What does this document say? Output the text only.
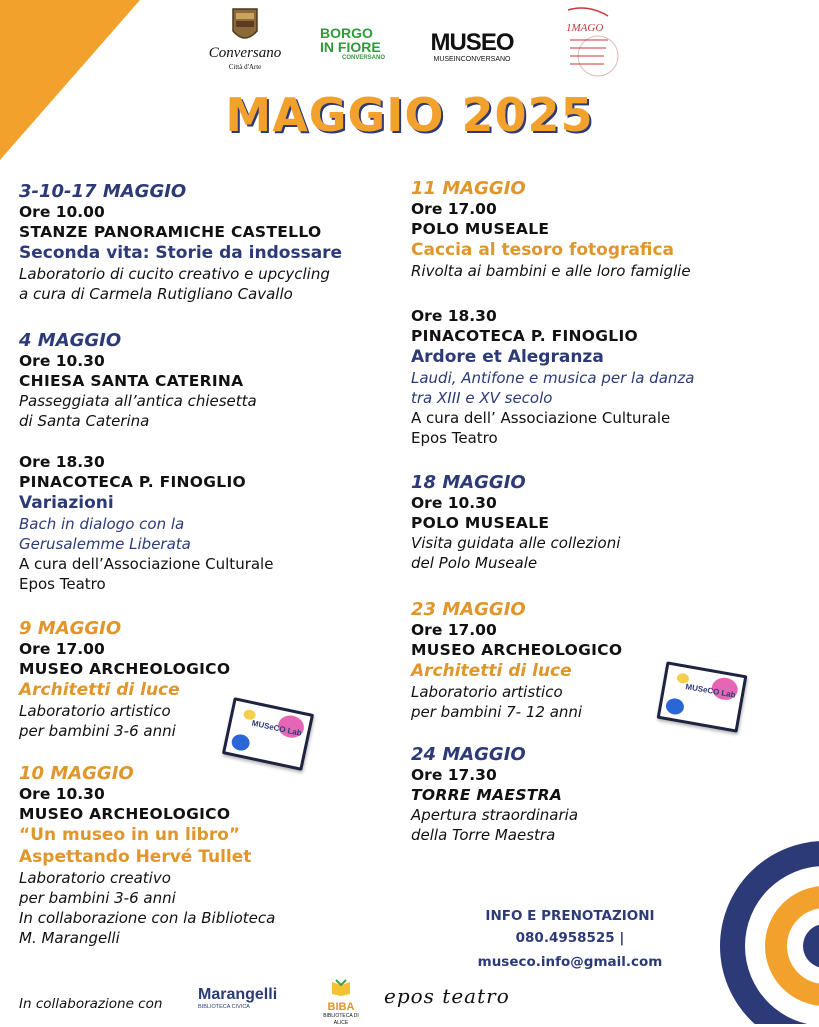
Conversano
Città d'Arte
BORGO
IN FIORE
CONVERSANO
MUSEO
MUSEINCONVERSANO
1MAGO
MAGGIO 2025

3-10-17 MAGGIO

Ore 10.00

STANZE PANORAMICHE CASTELLO

Seconda vita: Storie da indossare

Laboratorio di cucito creativo e upcycling

a cura di Carmela Rutigliano Cavallo

4 MAGGIO

Ore 10.30

CHIESA SANTA CATERINA

Passeggiata all’antica chiesetta

di Santa Caterina

Ore 18.30

PINACOTECA P. FINOGLIO

Variazioni

Bach in dialogo con la

Gerusalemme Liberata

A cura dell’Associazione Culturale

Epos Teatro

9 MAGGIO

Ore 17.00

MUSEO ARCHEOLOGICO

Architetti di luce

Laboratorio artistico

per bambini 3-6 anni

10 MAGGIO

Ore 10.30

MUSEO ARCHEOLOGICO

“Un museo in un libro”

Aspettando Hervé Tullet

Laboratorio creativo

per bambini 3-6 anni

In collaborazione con la Biblioteca

M. Marangelli

MUSeCO Lab
MUSeCO Lab

11 MAGGIO

Ore 17.00

POLO MUSEALE

Caccia al tesoro fotografica

Rivolta ai bambini e alle loro famiglie

Ore 18.30

PINACOTECA P. FINOGLIO

Ardore et Alegranza

Laudi, Antifone e musica per la danza

tra XIII e XV secolo

A cura dell’ Associazione Culturale

Epos Teatro

18 MAGGIO

Ore 10.30

POLO MUSEALE

Visita guidata alle collezioni

del Polo Museale

23 MAGGIO

Ore 17.00

MUSEO ARCHEOLOGICO

Architetti di luce

Laboratorio artistico

per bambini 7- 12 anni

24 MAGGIO

Ore 17.30

TORRE MAESTRA

Apertura straordinaria

della Torre Maestra

INFO E PRENOTAZIONI
080.4958525 | museco.info@gmail.com
In collaborazione con
Marangelli
BIBLIOTECA CIVICA	BIBA
BIBLIOTECA DI ALICE
epos teatro
